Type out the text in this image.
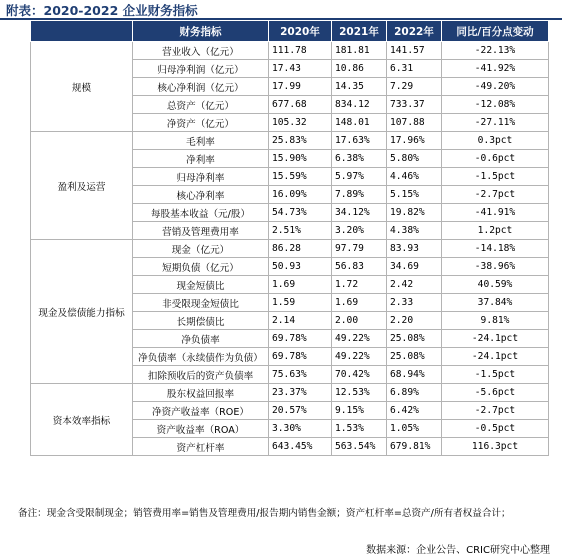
附表：2020-2022 企业财务指标
	财务指标	2020年	2021年	2022年	同比/百分点变动
规模	营业收入（亿元）	111.78	181.81	141.57	-22.13%
	归母净利润（亿元）	17.43	10.86	6.31	-41.92%
	核心净利润（亿元）	17.99	14.35	7.29	-49.20%
	总资产（亿元）	677.68	834.12	733.37	-12.08%
	净资产（亿元）	105.32	148.01	107.88	-27.11%
盈利及运营	毛利率	25.83%	17.63%	17.96%	0.3pct
	净利率	15.90%	6.38%	5.80%	-0.6pct
	归母净利率	15.59%	5.97%	4.46%	-1.5pct
	核心净利率	16.09%	7.89%	5.15%	-2.7pct
	每股基本收益（元/股）	54.73%	34.12%	19.82%	-41.91%
	营销及管理费用率	2.51%	3.20%	4.38%	1.2pct
现金及偿债能力指标	现金（亿元）	86.28	97.79	83.93	-14.18%
	短期负债（亿元）	50.93	56.83	34.69	-38.96%
	现金短债比	1.69	1.72	2.42	40.59%
	非受限现金短债比	1.59	1.69	2.33	37.84%
	长期偿债比	2.14	2.00	2.20	9.81%
	净负债率	69.78%	49.22%	25.08%	-24.1pct
	净负债率（永续债作为负债）	69.78%	49.22%	25.08%	-24.1pct
	扣除预收后的资产负债率	75.63%	70.42%	68.94%	-1.5pct
资本效率指标	股东权益回报率	23.37%	12.53%	6.89%	-5.6pct
	净资产收益率（ROE）	20.57%	9.15%	6.42%	-2.7pct
	资产收益率（ROA）	3.30%	1.53%	1.05%	-0.5pct
	资产杠杆率	643.45%	563.54%	679.81%	116.3pct
备注：现金含受限制现金；销管费用率=销售及管理费用/报告期内销售金额；资产杠杆率=总资产/所有者权益合计；
数据来源：企业公告、CRIC研究中心整理
